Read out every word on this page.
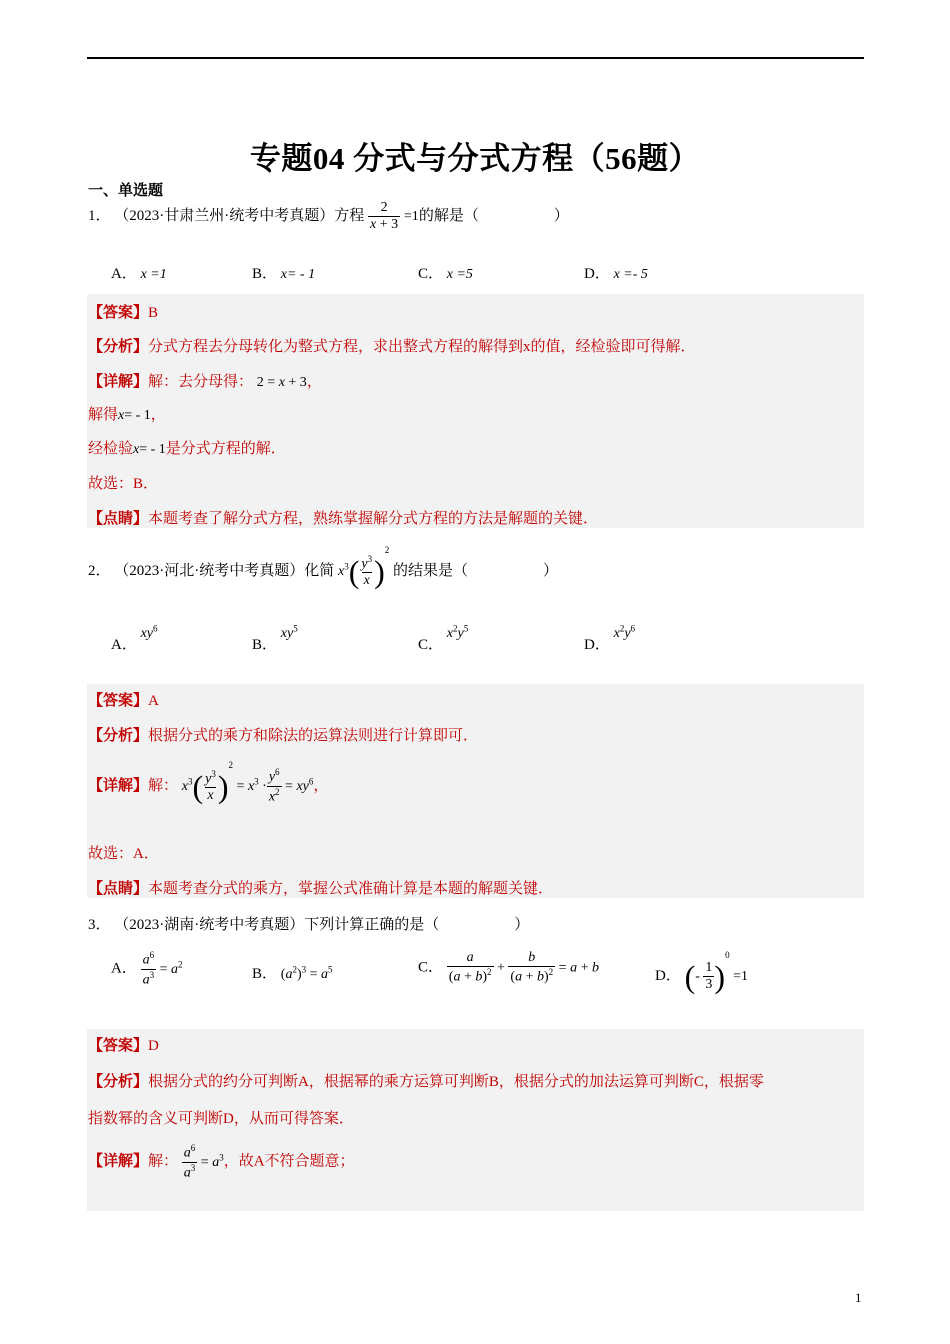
专题04 分式与分式方程（56题）
一、单选题
1． （2023·甘肃兰州·统考中考真题）方程 $\frac{2}{x + 3} =1$的解是（　　　　　）
A． x =1	B． x= - 1	C． x =5	D． x =- 5
【答案】B
【分析】分式方程去分母转化为整式方程，求出整式方程的解得到x的值，经检验即可得解．
【详解】解：去分母得： 2 = x + 3，
解得x= - 1，
经检验x= - 1是分式方程的解．
故选：B．
【点睛】本题考查了解分式方程，熟练掌握解分式方程的方法是解题的关键．
2． （2023·河北·统考中考真题）化简 $x^3( \frac{y^3}{x} )^2$ 的结果是（　　　　　）
A． $xy^6$
B． $xy^5$
C． $x^2y^5$
D． $x^2y^6$
【答案】A
【分析】根据分式的乘方和除法的运算法则进行计算即可．
【详解】解： $x^3( \frac{y^3}{x} )^2 = x^3 \cdot \frac{y^6}{x^2} = xy^6$，
故选：A．
【点睛】本题考查分式的乘方，掌握公式准确计算是本题的解题关键．
3． （2023·湖南·统考中考真题）下列计算正确的是（　　　　　）
A． $\frac{a^6}{a^3} = a^2$
B． $(a^2)^3 = a^5$	C． $\frac{a}{(a + b)^2} + \frac{b}{(a + b)^2} = a + b$
D． (- $\frac{1}{3} )^0 =1$
【答案】D
【分析】根据分式的约分可判断A，根据幂的乘方运算可判断B，根据分式的加法运算可判断C，根据零
指数幂的含义可判断D，从而可得答案．
【详解】解： $\frac{a^6}{a^3} = a^3$，故A不符合题意；
1
